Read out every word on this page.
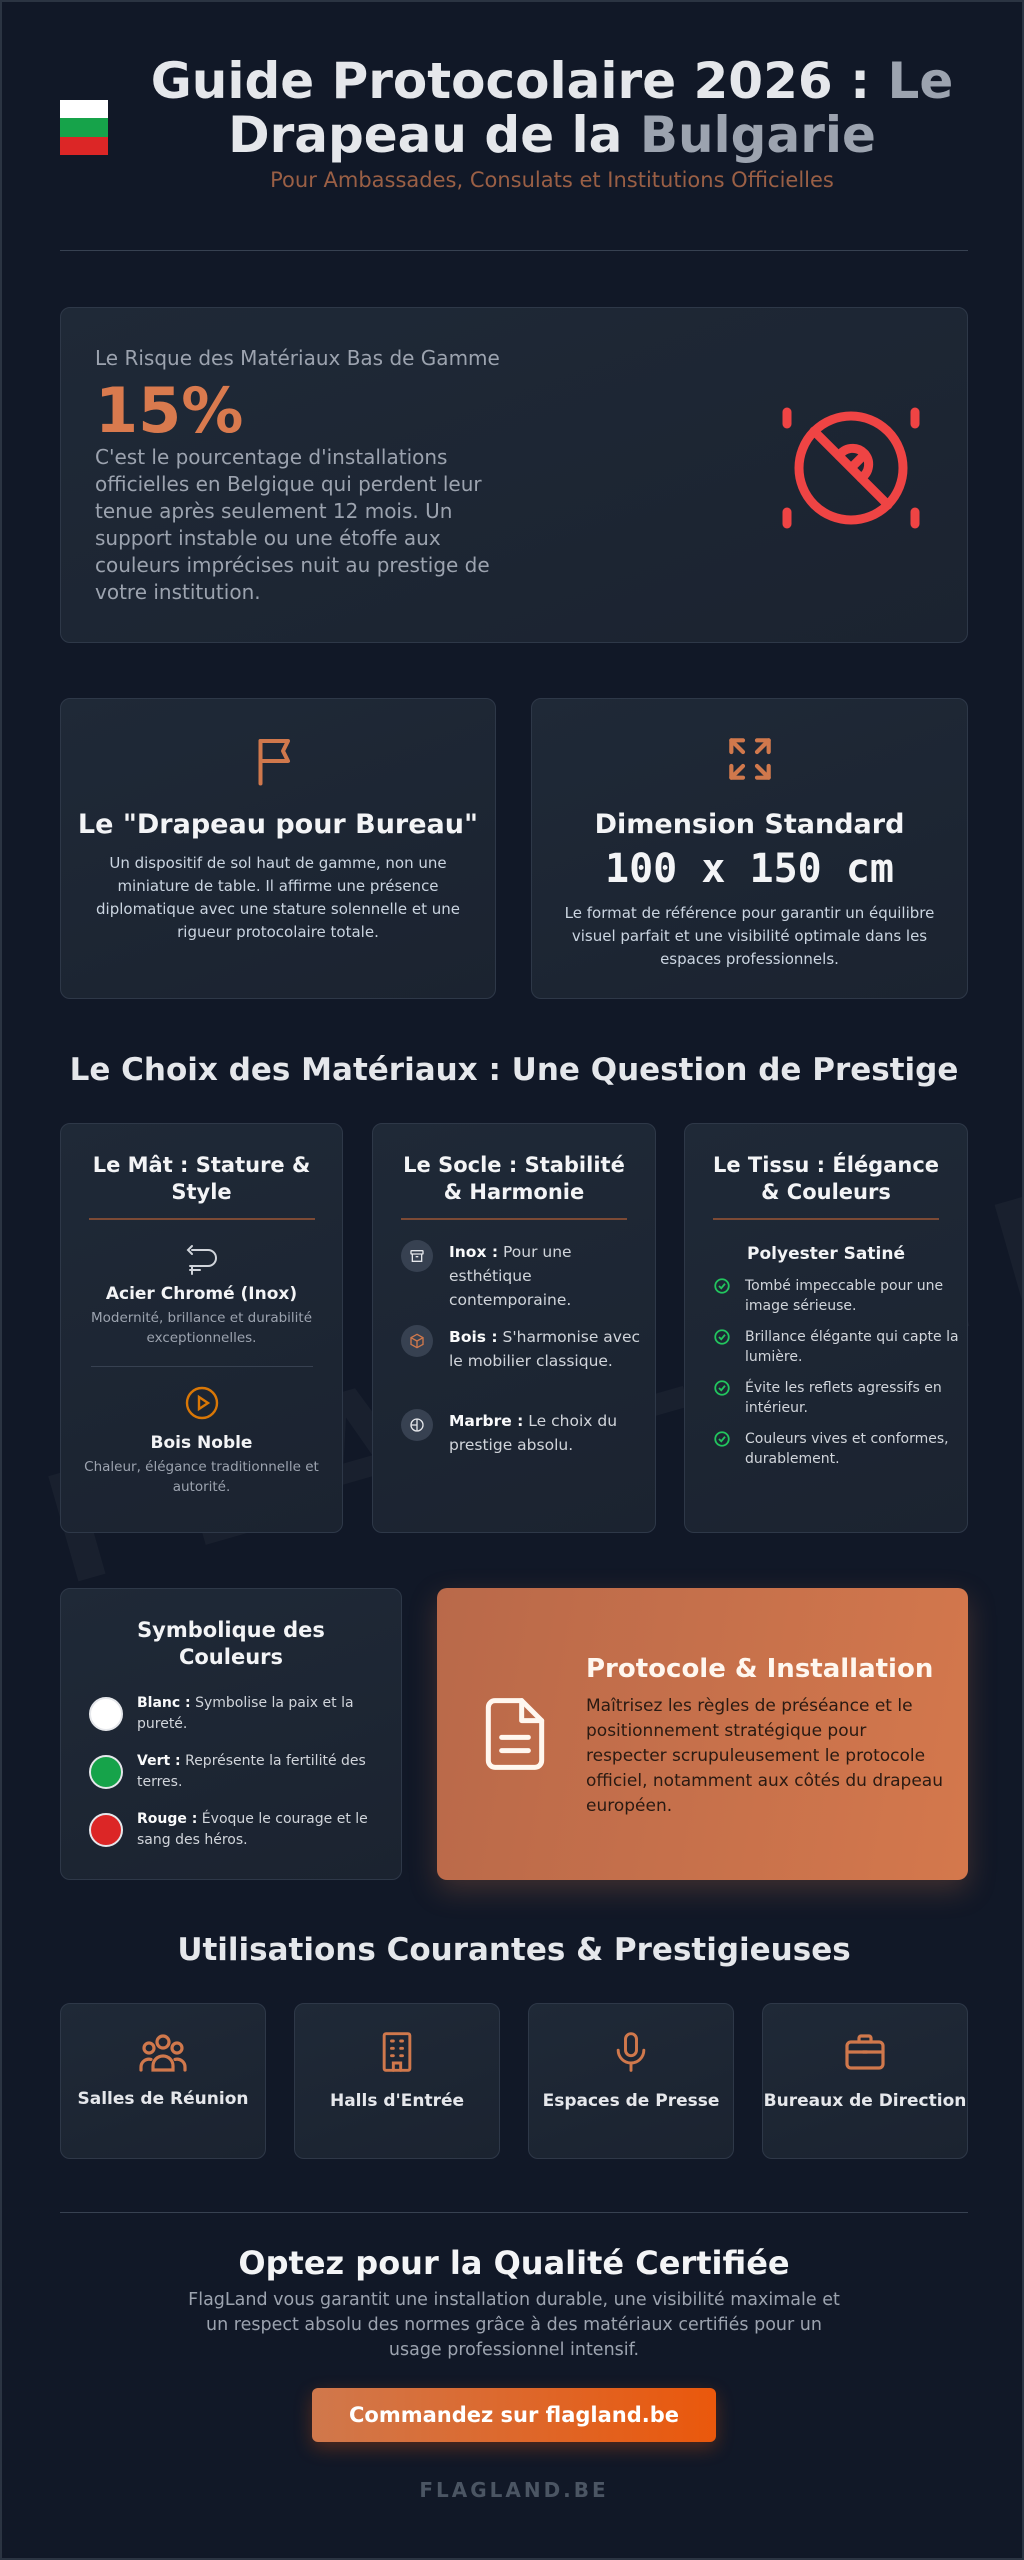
Guide Protocolaire 2026 : Le
Drapeau de la Bulgarie
Pour Ambassades, Consulats et Institutions Officielles
Le Risque des Matériaux Bas de Gamme
15%
C'est le pourcentage d'installations officielles en Belgique qui perdent leur tenue après seulement 12 mois. Un support instable ou une étoffe aux couleurs imprécises nuit au prestige de votre institution.
Le "Drapeau pour Bureau"
Un dispositif de sol haut de gamme, non une miniature de table. Il affirme une présence diplomatique avec une stature solennelle et une rigueur protocolaire totale.
Dimension Standard
100 x 150 cm
Le format de référence pour garantir un équilibre visuel parfait et une visibilité optimale dans les espaces professionnels.
Le Choix des Matériaux : Une Question de Prestige
Le Mât : Stature & Style
Acier Chromé (Inox)
Modernité, brillance et durabilité exceptionnelles.
Bois Noble
Chaleur, élégance traditionnelle et autorité.
Le Socle : Stabilité & Harmonie
Inox : Pour une esthétique contemporaine.
Bois : S'harmonise avec le mobilier classique.
Marbre : Le choix du prestige absolu.
Le Tissu : Élégance & Couleurs
Polyester Satiné
Tombé impeccable pour une image sérieuse.
Brillance élégante qui capte la lumière.
Évite les reflets agressifs en intérieur.
Couleurs vives et conformes, durablement.
Symbolique des Couleurs
Blanc : Symbolise la paix et la pureté.
Vert : Représente la fertilité des terres.
Rouge : Évoque le courage et le sang des héros.
Protocole & Installation
Maîtrisez les règles de préséance et le positionnement stratégique pour respecter scrupuleusement le protocole officiel, notamment aux côtés du drapeau européen.
Utilisations Courantes & Prestigieuses
Salles de Réunion	Halls d'Entrée	Espaces de Presse	Bureaux de Direction
Optez pour la Qualité Certifiée
FlagLand vous garantit une installation durable, une visibilité maximale et un respect absolu des normes grâce à des matériaux certifiés pour un usage professionnel intensif.
Commandez sur flagland.be
FLAGLAND.BE
